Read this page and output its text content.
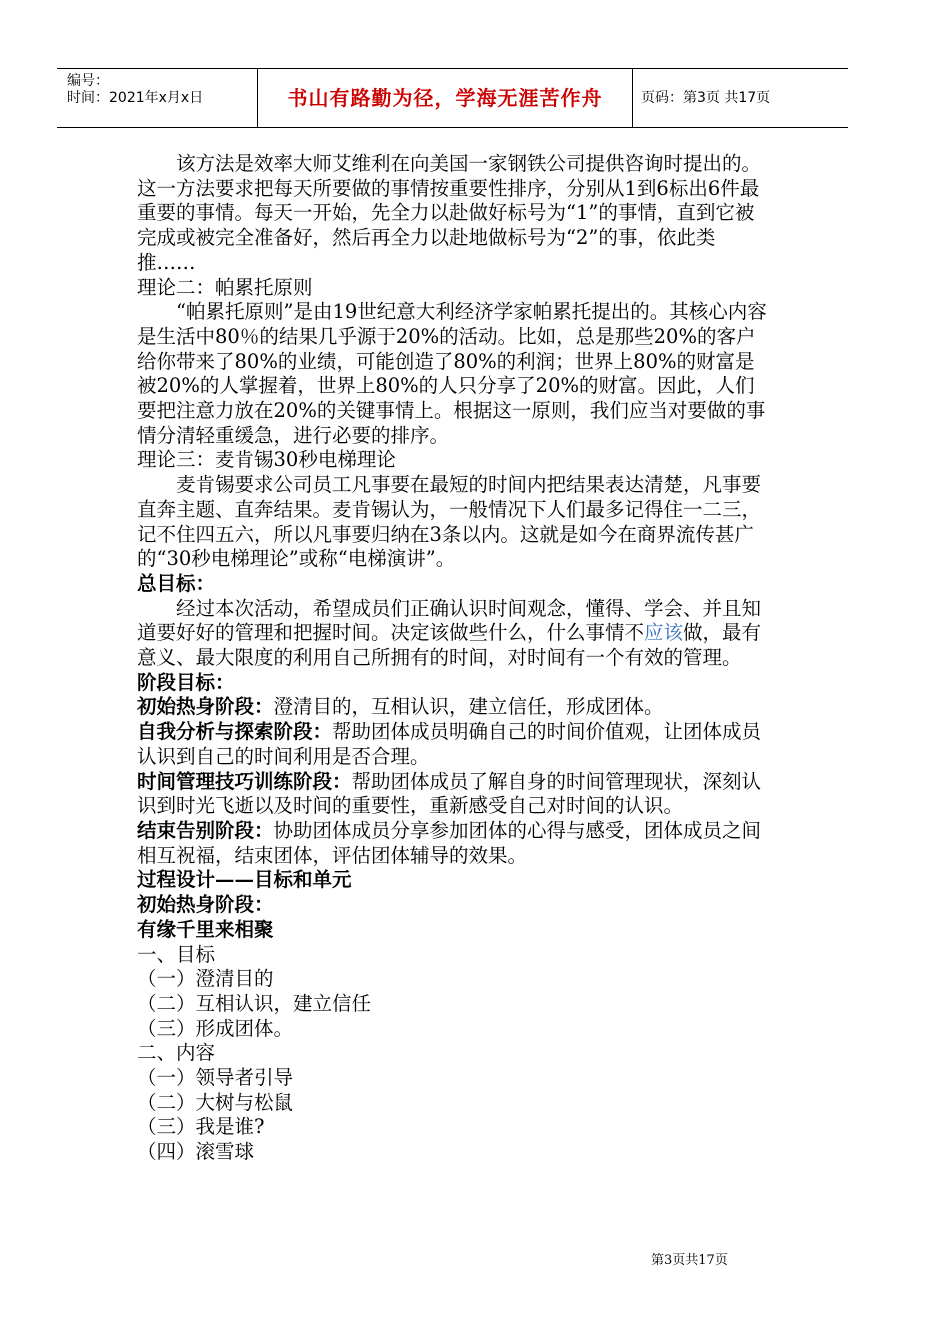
编号：
时间：2021年x月x日	书山有路勤为径，学海无涯苦作舟	页码：第3页 共17页

该方法是效率大师艾维利在向美国一家钢铁公司提供咨询时提出的。这一方法要求把每天所要做的事情按重要性排序，分别从1到6标出6件最重要的事情。每天一开始，先全力以赴做好标号为“1”的事情，直到它被完成或被完全准备好，然后再全力以赴地做标号为“2”的事，依此类推……

理论二：帕累托原则

“帕累托原则”是由19世纪意大利经济学家帕累托提出的。其核心内容是生活中80％的结果几乎源于20%的活动。比如，总是那些20%的客户给你带来了80%的业绩，可能创造了80%的利润；世界上80%的财富是被20%的人掌握着，世界上80%的人只分享了20%的财富。因此，人们要把注意力放在20%的关键事情上。根据这一原则，我们应当对要做的事情分清轻重缓急，进行必要的排序。

理论三：麦肯锡30秒电梯理论

麦肯锡要求公司员工凡事要在最短的时间内把结果表达清楚，凡事要直奔主题、直奔结果。麦肯锡认为，一般情况下人们最多记得住一二三，记不住四五六，所以凡事要归纳在3条以内。这就是如今在商界流传甚广的“30秒电梯理论”或称“电梯演讲”。

总目标：

经过本次活动，希望成员们正确认识时间观念，懂得、学会、并且知道要好好的管理和把握时间。决定该做些什么，什么事情不应该做，最有意义、最大限度的利用自己所拥有的时间，对时间有一个有效的管理。

阶段目标：

初始热身阶段：澄清目的，互相认识，建立信任，形成团体。

自我分析与探索阶段：帮助团体成员明确自己的时间价值观，让团体成员认识到自己的时间利用是否合理。

时间管理技巧训练阶段：帮助团体成员了解自身的时间管理现状，深刻认识到时光飞逝以及时间的重要性，重新感受自己对时间的认识。

结束告别阶段：协助团体成员分享参加团体的心得与感受，团体成员之间相互祝福，结束团体，评估团体辅导的效果。

过程设计——目标和单元

初始热身阶段：

有缘千里来相聚

一、目标

（一）澄清目的

（二）互相认识，建立信任

（三）形成团体。

二、内容

（一）领导者引导

（二）大树与松鼠

（三）我是谁?

（四）滚雪球

第3页共17页
